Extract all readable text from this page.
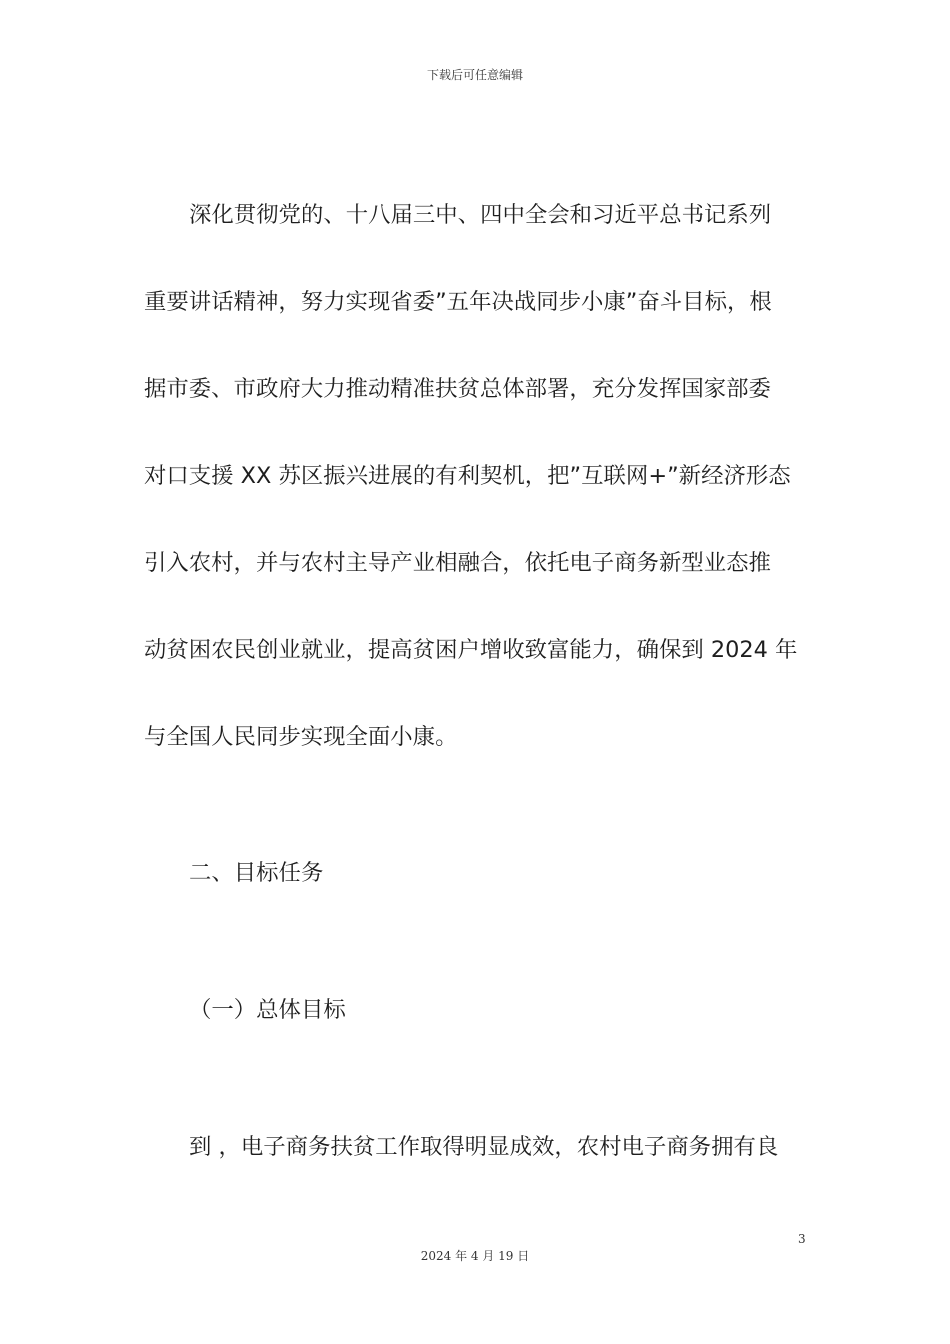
下载后可任意编辑
深化贯彻党的、十八届三中、四中全会和习近平总书记系列
重要讲话精神，努力实现省委”五年决战同步小康”奋斗目标，根
据市委、市政府大力推动精准扶贫总体部署，充分发挥国家部委
对口支援 XX 苏区振兴进展的有利契机，把”互联网+”新经济形态
引入农村，并与农村主导产业相融合，依托电子商务新型业态推
动贫困农民创业就业，提高贫困户增收致富能力，确保到 2024 年
与全国人民同步实现全面小康。
二、目标任务
（一）总体目标
到 ，电子商务扶贫工作取得明显成效，农村电子商务拥有良
3
2024 年 4 月 19 日
